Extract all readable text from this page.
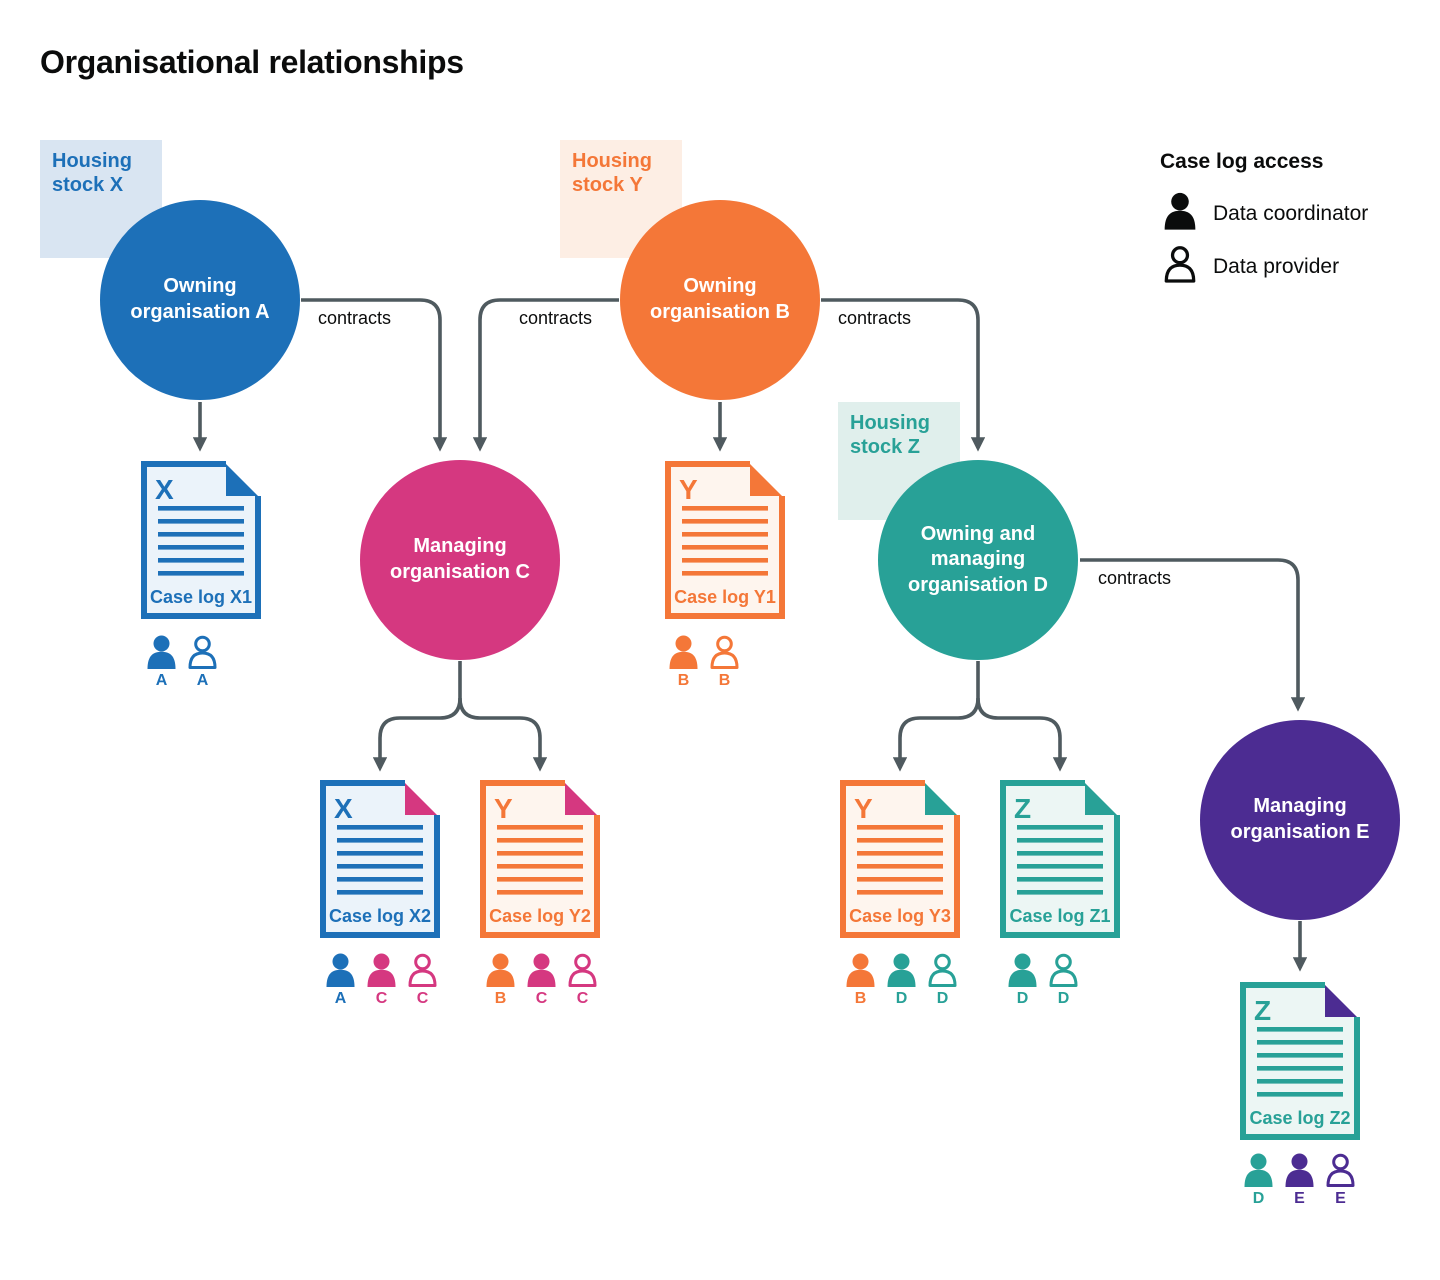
Organisational relationships
Housing stock X
Housing stock Y
Housing stock Z
contracts	contracts	contracts
contracts
Owning organisation A
Owning organisation B
Managing organisation C
Owning and managing organisation D
Managing organisation E
X
Case log X1
Y
Case log Y1
X
Case log X2
Y
Case log Y2
Y
Case log Y3
Z
Case log Z1
Z
Case log Z2
A A	B B
A C C	B C C	B D D	D D
D E E
Case log access
Data coordinator
Data provider
